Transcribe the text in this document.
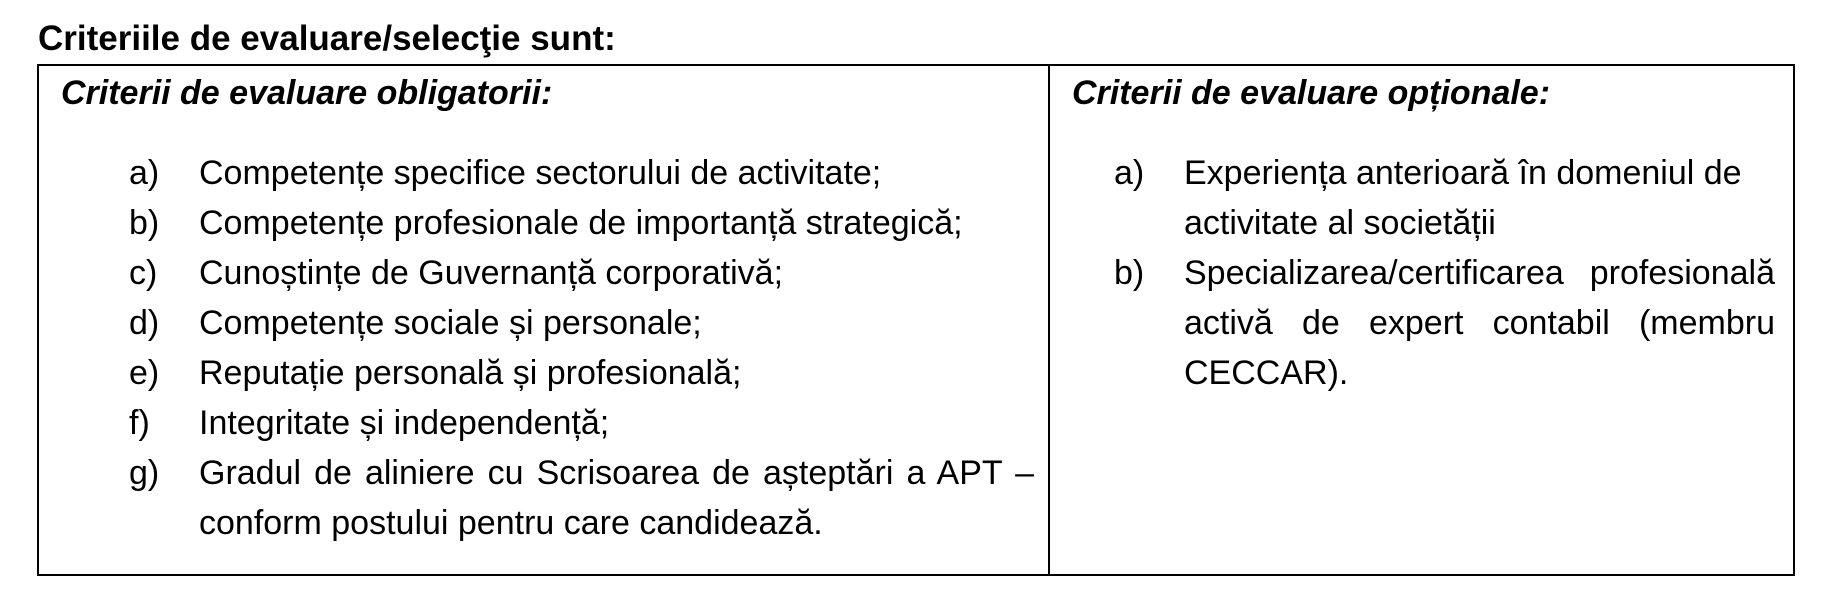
Criteriile de evaluare/selecţie sunt:
Criterii de evaluare obligatorii:
a) Competențe specifice sectorului de activitate;
b) Competențe profesionale de importanță strategică;
c) Cunoștințe de Guvernanță corporativă;
d) Competențe sociale și personale;
e) Reputație personală și profesională;
f) Integritate și independență;
g) Gradul de aliniere cu Scrisoarea de așteptări a APT – conform postului pentru care candidează.
Criterii de evaluare opționale:
a) Experiența anterioară în domeniul de activitate al societății
b) Specializarea/certificarea profesională activă de expert contabil (membru CECCAR).
